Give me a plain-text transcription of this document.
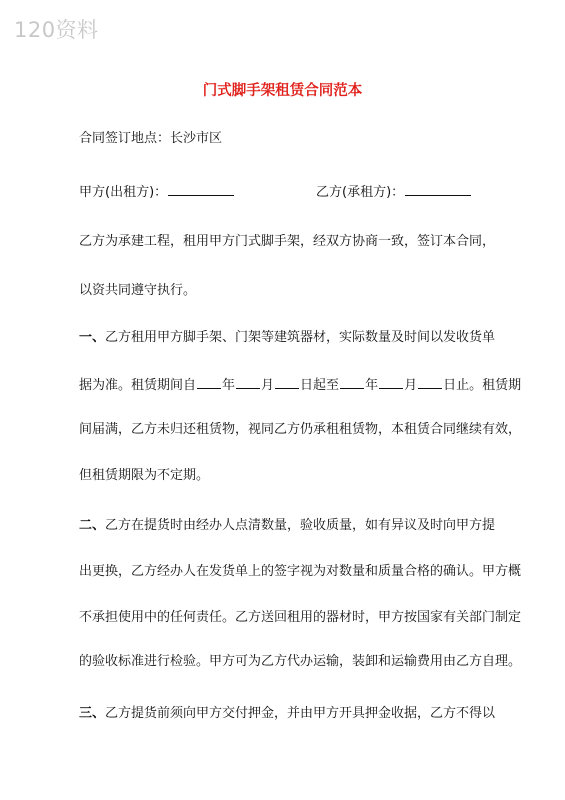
120资料
门式脚手架租赁合同范本
合同签订地点：长沙市区
甲方(出租方)：	乙方(承租方)：
乙方为承建工程，租用甲方门式脚手架，经双方协商一致，签订本合同，
以资共同遵守执行。
一、乙方租用甲方脚手架、门架等建筑器材，实际数量及时间以发收货单
据为准。租赁期间自 年 月 日起至 年 月 日止。租赁期
间届满，乙方未归还租赁物，视同乙方仍承租租赁物，本租赁合同继续有效，
但租赁期限为不定期。
二、乙方在提货时由经办人点清数量，验收质量，如有异议及时向甲方提
出更换，乙方经办人在发货单上的签字视为对数量和质量合格的确认。甲方概
不承担使用中的任何责任。乙方送回租用的器材时，甲方按国家有关部门制定
的验收标准进行检验。甲方可为乙方代办运输，装卸和运输费用由乙方自理。
三、乙方提货前须向甲方交付押金，并由甲方开具押金收据，乙方不得以
